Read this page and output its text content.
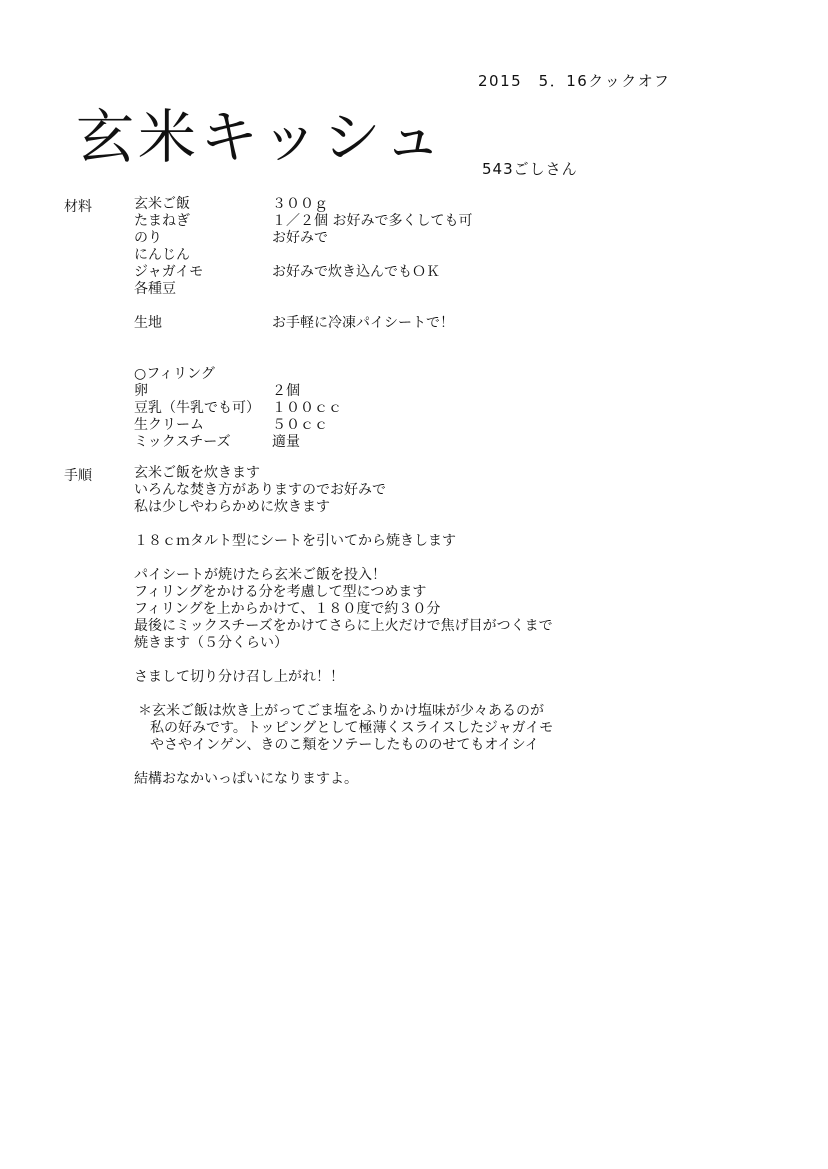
2015　5．16クックオフ
玄米キッシュ 543ごしさん
材料	玄米ご飯	３００ｇ
たまねぎ	１／２個 お好みで多くしても可
のり	お好みで
にんじん
ジャガイモ	お好みで炊き込んでもＯＫ
各種豆
生地	お手軽に冷凍パイシートで！
○フィリング
卵	２個
豆乳（牛乳でも可） １００ｃｃ
生クリーム	５０ｃｃ
ミックスチーズ	適量
手順	玄米ご飯を炊きます
いろんな焚き方がありますのでお好みで
私は少しやわらかめに炊きます
１８ｃｍタルト型にシートを引いてから焼きします
パイシートが焼けたら玄米ご飯を投入！
フィリングをかける分を考慮して型につめます
フィリングを上からかけて、１８０度で約３０分
最後にミックスチーズをかけてさらに上火だけで焦げ目がつくまで
焼きます（５分くらい）
さまして切り分け召し上がれ！！
＊玄米ご飯は炊き上がってごま塩をふりかけ塩味が少々あるのが
私の好みです。トッピングとして極薄くスライスしたジャガイモ
やさやインゲン、きのこ類をソテーしたもののせてもオイシイ
結構おなかいっぱいになりますよ。
